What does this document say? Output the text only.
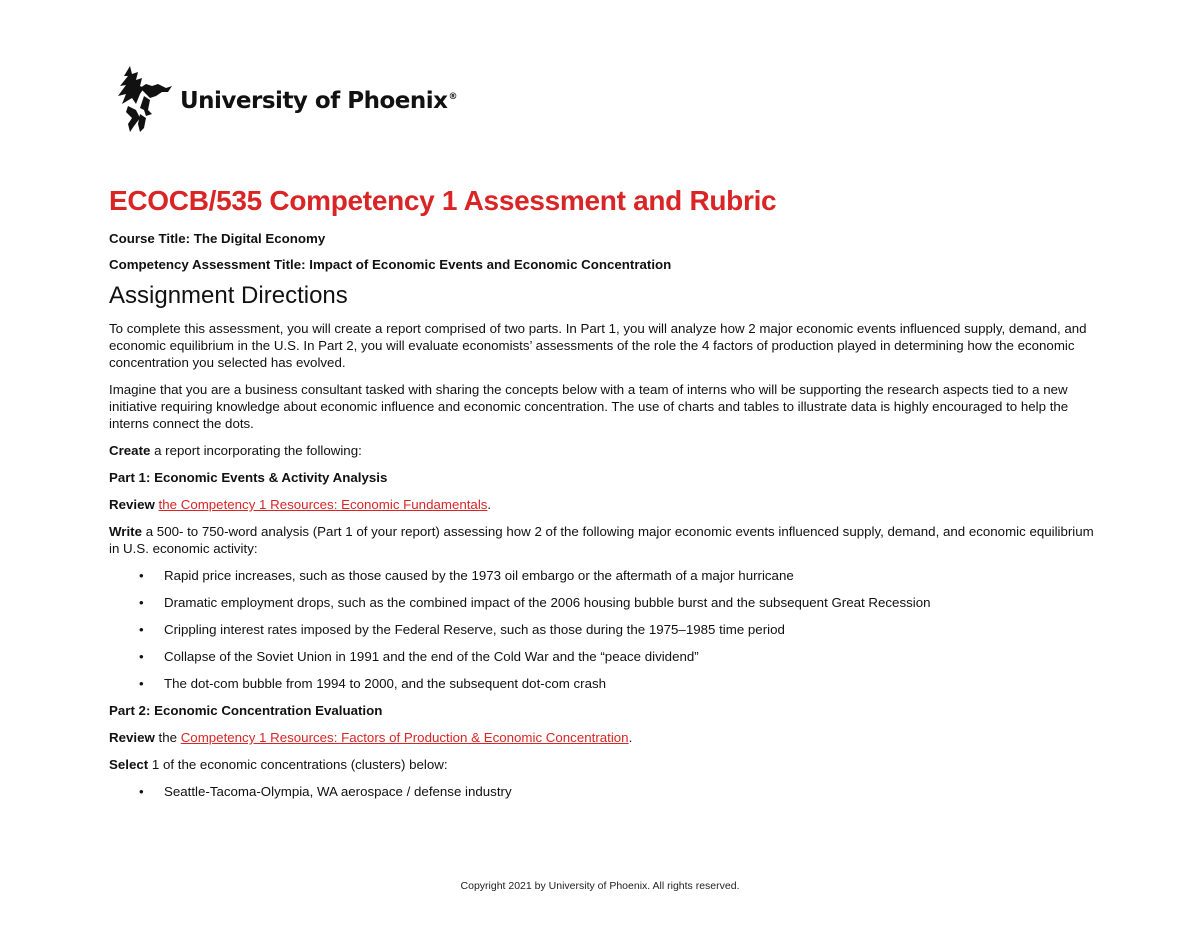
University of Phoenix®
ECOCB/535 Competency 1 Assessment and Rubric

Course Title: The Digital Economy

Competency Assessment Title: Impact of Economic Events and Economic Concentration

Assignment Directions

To complete this assessment, you will create a report comprised of two parts. In Part 1, you will analyze how 2 major economic events influenced supply, demand, and economic equilibrium in the U.S. In Part 2, you will evaluate economists’ assessments of the role the 4 factors of production played in determining how the economic concentration you selected has evolved.

Imagine that you are a business consultant tasked with sharing the concepts below with a team of interns who will be supporting the research aspects tied to a new initiative requiring knowledge about economic influence and economic concentration. The use of charts and tables to illustrate data is highly encouraged to help the interns connect the dots.

Create a report incorporating the following:

Part 1: Economic Events & Activity Analysis

Review the Competency 1 Resources: Economic Fundamentals.

Write a 500- to 750-word analysis (Part 1 of your report) assessing how 2 of the following major economic events influenced supply, demand, and economic equilibrium in U.S. economic activity:

• Rapid price increases, such as those caused by the 1973 oil embargo or the aftermath of a major hurricane
• Dramatic employment drops, such as the combined impact of the 2006 housing bubble burst and the subsequent Great Recession
• Crippling interest rates imposed by the Federal Reserve, such as those during the 1975–1985 time period
• Collapse of the Soviet Union in 1991 and the end of the Cold War and the “peace dividend”
• The dot-com bubble from 1994 to 2000, and the subsequent dot-com crash

Part 2: Economic Concentration Evaluation

Review the Competency 1 Resources: Factors of Production & Economic Concentration.

Select 1 of the economic concentrations (clusters) below:

• Seattle-Tacoma-Olympia, WA aerospace / defense industry
Copyright 2021 by University of Phoenix. All rights reserved.
